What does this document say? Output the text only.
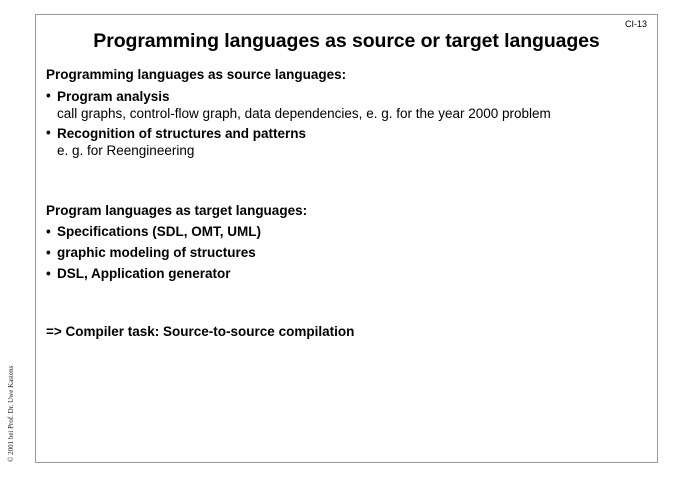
CI-13
Programming languages as source or target languages

Programming languages as source languages:

• Program analysis
call graphs, control-flow graph, data dependencies, e. g. for the year 2000 problem
• Recognition of structures and patterns
e. g. for Reengineering

Program languages as target languages:

• Specifications (SDL, OMT, UML)
• graphic modeling of structures
• DSL, Application generator

=> Compiler task: Source-to-source compilation

© 2001 bei Prof. Dr. Uwe Kastens
